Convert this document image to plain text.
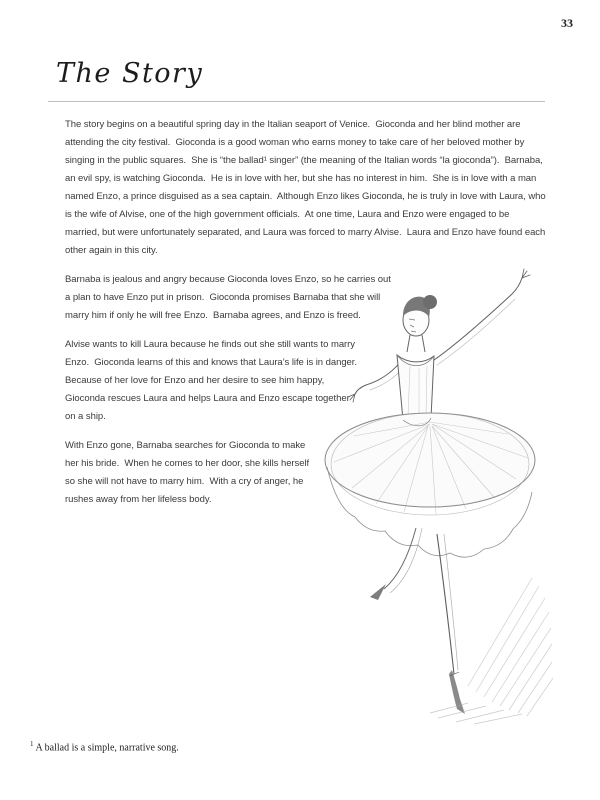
33
The Story

The story begins on a beautiful spring day in the Italian seaport of Venice.  Gioconda and her blind mother are attending the city festival.  Gioconda is a good woman who earns money to take care of her beloved mother by singing in the public squares.  She is “the ballad¹ singer” (the meaning of the Italian words “la gioconda”).  Barnaba, an evil spy, is watching Gioconda.  He is in love with her, but she has no interest in him.  She is in love with a man named Enzo, a prince disguised as a sea captain.  Although Enzo likes Gioconda, he is truly in love with Laura, who is the wife of Alvise, one of the high government officials.  At one time, Laura and Enzo were engaged to be married, but were unfortunately separated, and Laura was forced to marry Alvise.  Laura and Enzo have found each other again in this city.

Barnaba is jealous and angry because Gioconda loves Enzo, so he carries out a plan to have Enzo put in prison.  Gioconda promises Barnaba that she will marry him if only he will free Enzo.  Barnaba agrees, and Enzo is freed.

Alvise wants to kill Laura because he finds out she still wants to marry Enzo.  Gioconda learns of this and knows that Laura’s life is in danger.  Because of her love for Enzo and her desire to see him happy, Gioconda rescues Laura and helps Laura and Enzo escape together on a ship.

With Enzo gone, Barnaba searches for Gioconda to make her his bride.  When he comes to her door, she kills herself so she will not have to marry him.  With a cry of anger, he rushes away from her lifeless body.

$^1$ A ballad is a simple, narrative song.
